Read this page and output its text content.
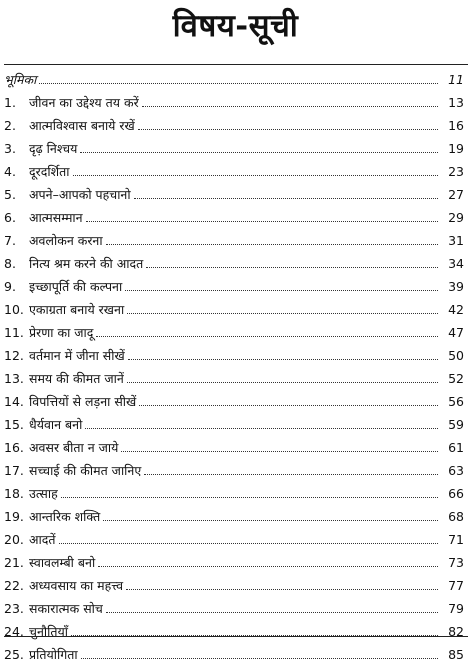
विषय-सूची
भूमिका	11
1.	जीवन का उद्देश्य तय करें	13
2.	आत्मविश्वास बनाये रखें	16
3.	दृढ़ निश्चय	19
4.	दूरदर्शिता	23
5.	अपने–आपको पहचानो	27
6.	आत्मसम्मान	29
7.	अवलोकन करना	31
8.	नित्य श्रम करने की आदत	34
9.	इच्छापूर्ति की कल्पना	39
10. एकाग्रता बनाये रखना	42
11. प्रेरणा का जादू	47
12. वर्तमान में जीना सीखें	50
13. समय की कीमत जानें	52
14. विपत्तियों से लड़ना सीखें	56
15. धैर्यवान बनो	59
16. अवसर बीता न जाये	61
17. सच्चाई की कीमत जानिए	63
18. उत्साह	66
19. आन्तरिक शक्ति	68
20. आदतें	71
21. स्वावलम्बी बनो	73
22. अध्यवसाय का महत्त्व	77
23. सकारात्मक सोच	79
24. चुनौतियाँ	82
25. प्रतियोगिता	85
